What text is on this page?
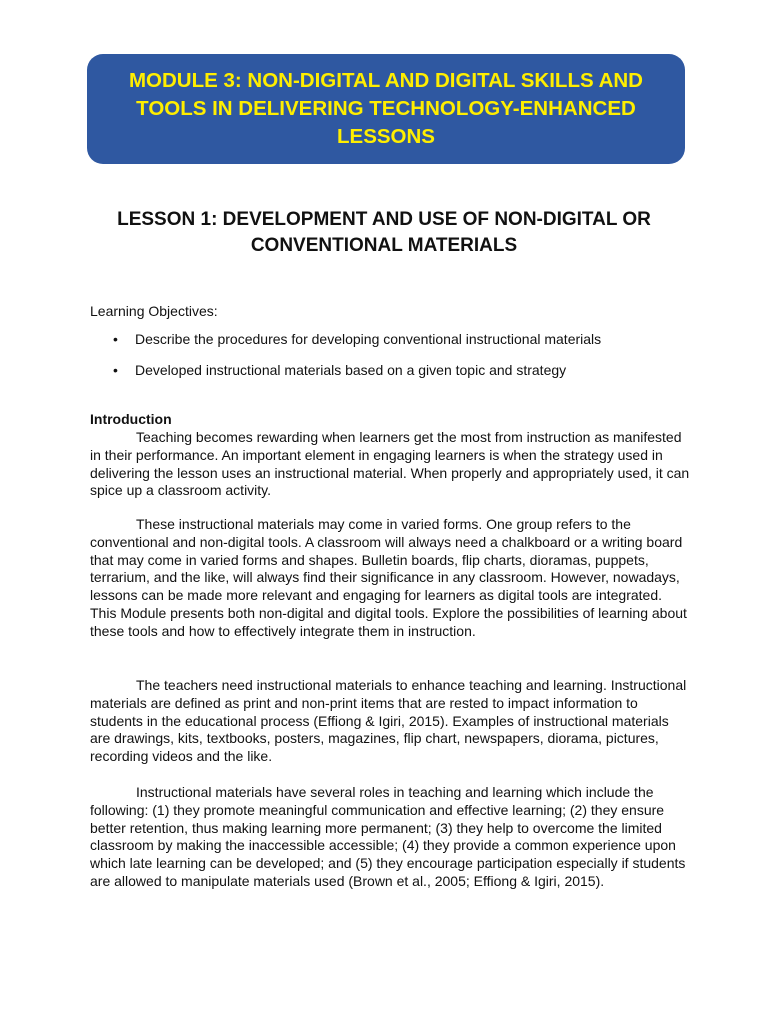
MODULE 3: NON-DIGITAL AND DIGITAL SKILLS AND TOOLS IN DELIVERING TECHNOLOGY-ENHANCED LESSONS
LESSON 1: DEVELOPMENT AND USE OF NON-DIGITAL OR CONVENTIONAL MATERIALS

Learning Objectives:

• Describe the procedures for developing conventional instructional materials
• Developed instructional materials based on a given topic and strategy

Introduction

Teaching becomes rewarding when learners get the most from instruction as manifested in their performance. An important element in engaging learners is when the strategy used in delivering the lesson uses an instructional material. When properly and appropriately used, it can spice up a classroom activity.

These instructional materials may come in varied forms. One group refers to the conventional and non-digital tools. A classroom will always need a chalkboard or a writing board that may come in varied forms and shapes. Bulletin boards, flip charts, dioramas, puppets, terrarium, and the like, will always find their significance in any classroom. However, nowadays, lessons can be made more relevant and engaging for learners as digital tools are integrated. This Module presents both non-digital and digital tools. Explore the possibilities of learning about these tools and how to effectively integrate them in instruction.

The teachers need instructional materials to enhance teaching and learning. Instructional materials are defined as print and non-print items that are rested to impact information to students in the educational process (Effiong & Igiri, 2015). Examples of instructional materials are drawings, kits, textbooks, posters, magazines, flip chart, newspapers, diorama, pictures, recording videos and the like.

Instructional materials have several roles in teaching and learning which include the following: (1) they promote meaningful communication and effective learning; (2) they ensure better retention, thus making learning more permanent; (3) they help to overcome the limited classroom by making the inaccessible accessible; (4) they provide a common experience upon which late learning can be developed; and (5) they encourage participation especially if students are allowed to manipulate materials used (Brown et al., 2005; Effiong & Igiri, 2015).
